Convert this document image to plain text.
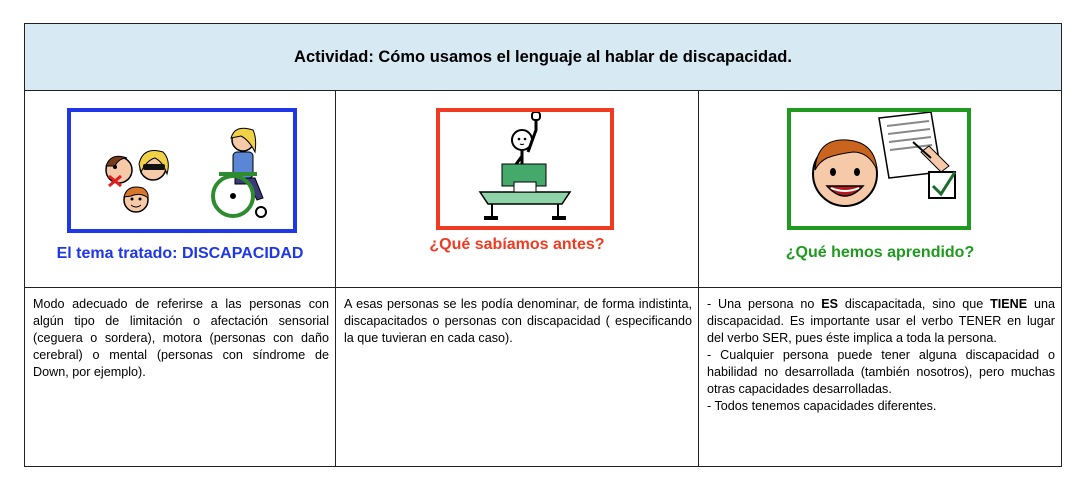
Actividad: Cómo usamos el lenguaje al hablar de discapacidad.
El tema tratado: DISCAPACIDAD
Modo adecuado de referirse a las personas con algún tipo de limitación o afectación sensorial (ceguera o sordera), motora (personas con daño cerebral) o mental (personas con síndrome de Down, por ejemplo).
¿Qué sabíamos antes?
A esas personas se les podía denominar, de forma indistinta, discapacitados o personas con discapacidad ( especificando la que tuvieran en cada caso).
¿Qué hemos aprendido?

- Una persona no ES discapacitada, sino que TIENE una discapacidad. Es importante usar el verbo TENER en lugar del verbo SER, pues éste implica a toda la persona.

- Cualquier persona puede tener alguna discapacidad o habilidad no desarrollada (también nosotros), pero muchas otras capacidades desarrolladas.

- Todos tenemos capacidades diferentes.
